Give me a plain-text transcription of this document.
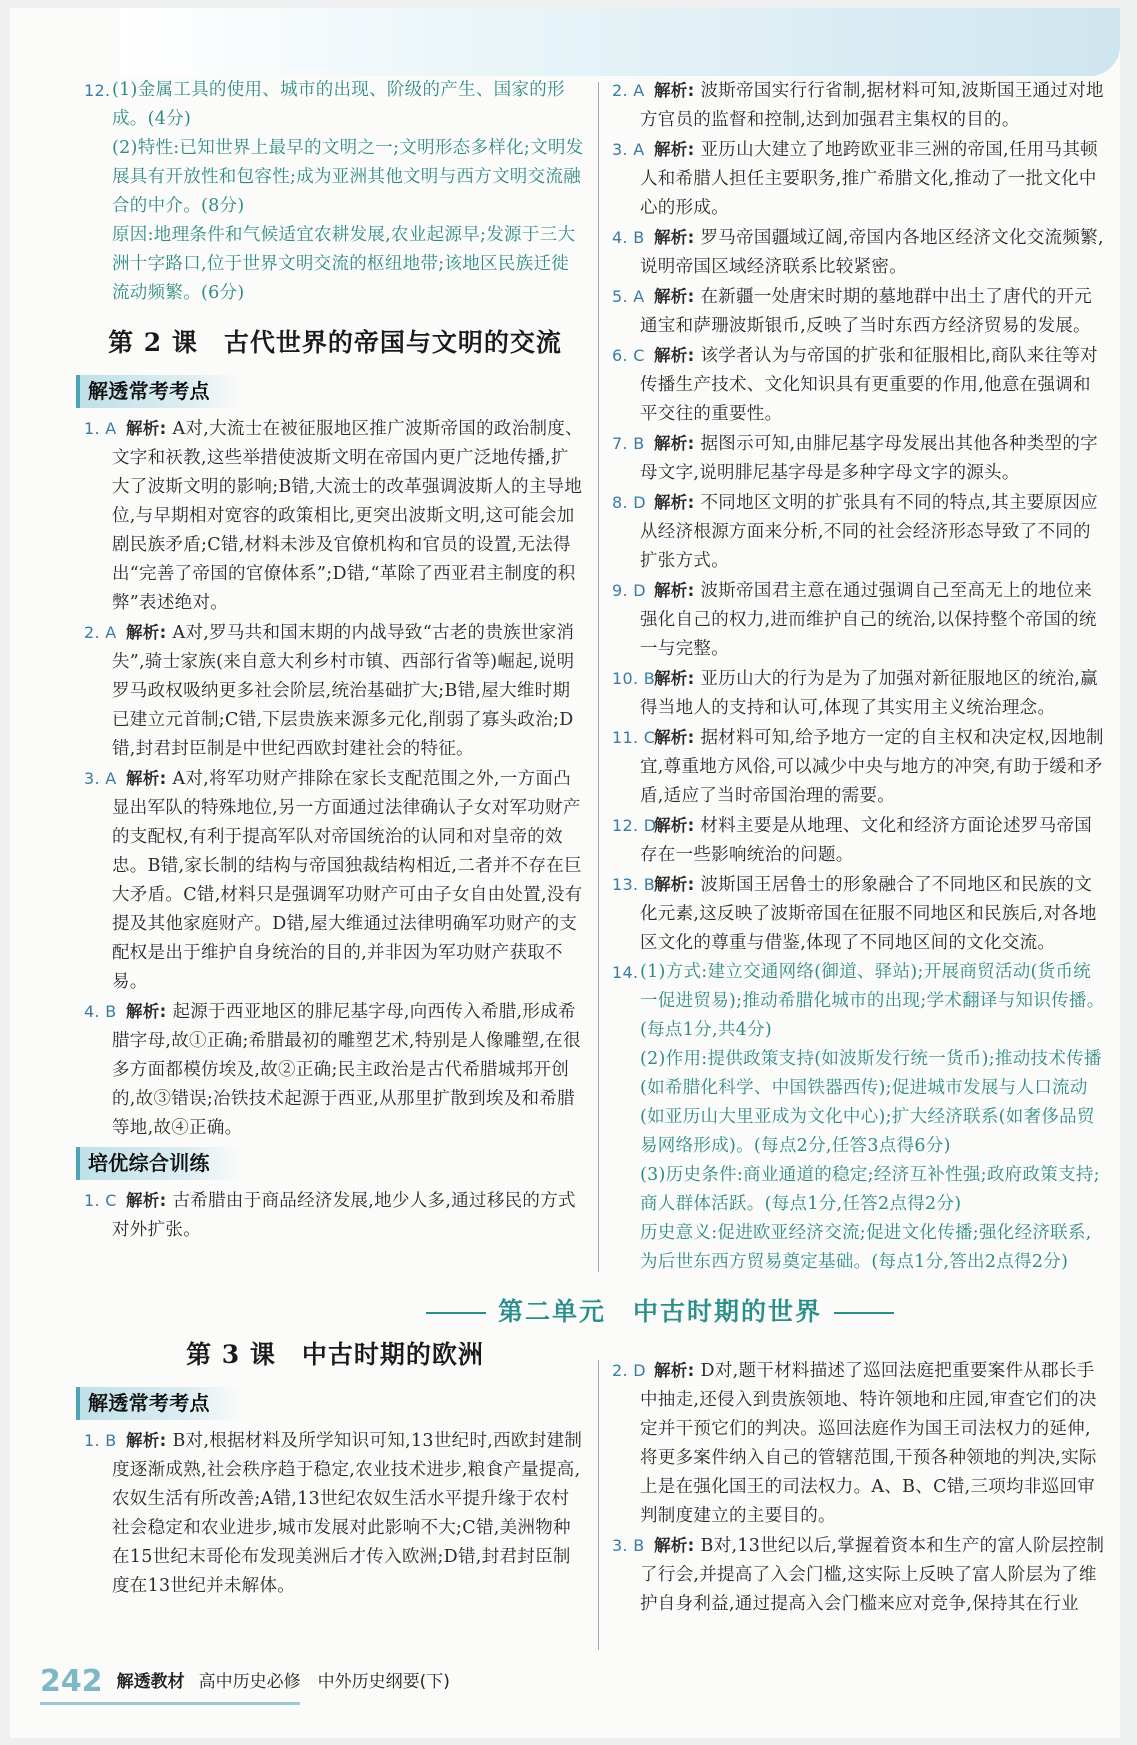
12. (1)金属工具的使用、城市的出现、阶级的产生、国家的形成。(4分)
(2)特性:已知世界上最早的文明之一;文明形态多样化;文明发展具有开放性和包容性;成为亚洲其他文明与西方文明交流融合的中介。(8分)
原因:地理条件和气候适宜农耕发展,农业起源早;发源于三大洲十字路口,位于世界文明交流的枢纽地带;该地区民族迁徙流动频繁。(6分)
第 2 课　古代世界的帝国与文明的交流
解透常考考点
1. A 解析: A对,大流士在被征服地区推广波斯帝国的政治制度、文字和祆教,这些举措使波斯文明在帝国内更广泛地传播,扩大了波斯文明的影响;B错,大流士的改革强调波斯人的主导地位,与早期相对宽容的政策相比,更突出波斯文明,这可能会加剧民族矛盾;C错,材料未涉及官僚机构和官员的设置,无法得出“完善了帝国的官僚体系”;D错,“革除了西亚君主制度的积弊”表述绝对。
2. A 解析: A对,罗马共和国末期的内战导致“古老的贵族世家消失”,骑士家族(来自意大利乡村市镇、西部行省等)崛起,说明罗马政权吸纳更多社会阶层,统治基础扩大;B错,屋大维时期已建立元首制;C错,下层贵族来源多元化,削弱了寡头政治;D错,封君封臣制是中世纪西欧封建社会的特征。
3. A 解析: A对,将军功财产排除在家长支配范围之外,一方面凸显出军队的特殊地位,另一方面通过法律确认子女对军功财产的支配权,有利于提高军队对帝国统治的认同和对皇帝的效忠。B错,家长制的结构与帝国独裁结构相近,二者并不存在巨大矛盾。C错,材料只是强调军功财产可由子女自由处置,没有提及其他家庭财产。D错,屋大维通过法律明确军功财产的支配权是出于维护自身统治的目的,并非因为军功财产获取不易。
4. B 解析: 起源于西亚地区的腓尼基字母,向西传入希腊,形成希腊字母,故①正确;希腊最初的雕塑艺术,特别是人像雕塑,在很多方面都模仿埃及,故②正确;民主政治是古代希腊城邦开创的,故③错误;冶铁技术起源于西亚,从那里扩散到埃及和希腊等地,故④正确。
培优综合训练
1. C 解析: 古希腊由于商品经济发展,地少人多,通过移民的方式对外扩张。
2. A 解析: 波斯帝国实行行省制,据材料可知,波斯国王通过对地方官员的监督和控制,达到加强君主集权的目的。
3. A 解析: 亚历山大建立了地跨欧亚非三洲的帝国,任用马其顿人和希腊人担任主要职务,推广希腊文化,推动了一批文化中心的形成。
4. B 解析: 罗马帝国疆域辽阔,帝国内各地区经济文化交流频繁,说明帝国区域经济联系比较紧密。
5. A 解析: 在新疆一处唐宋时期的墓地群中出土了唐代的开元通宝和萨珊波斯银币,反映了当时东西方经济贸易的发展。
6. C 解析: 该学者认为与帝国的扩张和征服相比,商队来往等对传播生产技术、文化知识具有更重要的作用,他意在强调和平交往的重要性。
7. B 解析: 据图示可知,由腓尼基字母发展出其他各种类型的字母文字,说明腓尼基字母是多种字母文字的源头。
8. D 解析: 不同地区文明的扩张具有不同的特点,其主要原因应从经济根源方面来分析,不同的社会经济形态导致了不同的扩张方式。
9. D 解析: 波斯帝国君主意在通过强调自己至高无上的地位来强化自己的权力,进而维护自己的统治,以保持整个帝国的统一与完整。
10. B
解析: 亚历山大的行为是为了加强对新征服地区的统治,赢得当地人的支持和认可,体现了其实用主义统治理念。
11. C
解析: 据材料可知,给予地方一定的自主权和决定权,因地制宜,尊重地方风俗,可以减少中央与地方的冲突,有助于缓和矛盾,适应了当时帝国治理的需要。
12. D
解析: 材料主要是从地理、文化和经济方面论述罗马帝国存在一些影响统治的问题。
13. B
解析: 波斯国王居鲁士的形象融合了不同地区和民族的文化元素,这反映了波斯帝国在征服不同地区和民族后,对各地区文化的尊重与借鉴,体现了不同地区间的文化交流。
14. (1)方式:建立交通网络(御道、驿站);开展商贸活动(货币统一促进贸易);推动希腊化城市的出现;学术翻译与知识传播。(每点1分,共4分)
(2)作用:提供政策支持(如波斯发行统一货币);推动技术传播(如希腊化科学、中国铁器西传);促进城市发展与人口流动(如亚历山大里亚成为文化中心);扩大经济联系(如奢侈品贸易网络形成)。(每点2分,任答3点得6分)
(3)历史条件:商业通道的稳定;经济互补性强;政府政策支持;商人群体活跃。(每点1分,任答2点得2分)
历史意义:促进欧亚经济交流;促进文化传播;强化经济联系,为后世东西方贸易奠定基础。(每点1分,答出2点得2分)
第二单元　中古时期的世界
第 3 课　中古时期的欧洲
解透常考考点
1. B 解析: B对,根据材料及所学知识可知,13世纪时,西欧封建制度逐渐成熟,社会秩序趋于稳定,农业技术进步,粮食产量提高,农奴生活有所改善;A错,13世纪农奴生活水平提升缘于农村社会稳定和农业进步,城市发展对此影响不大;C错,美洲物种在15世纪末哥伦布发现美洲后才传入欧洲;D错,封君封臣制度在13世纪并未解体。
2. D 解析: D对,题干材料描述了巡回法庭把重要案件从郡长手中抽走,还侵入到贵族领地、特许领地和庄园,审查它们的决定并干预它们的判决。巡回法庭作为国王司法权力的延伸,将更多案件纳入自己的管辖范围,干预各种领地的判决,实际上是在强化国王的司法权力。A、B、C错,三项均非巡回审判制度建立的主要目的。
3. B 解析: B对,13世纪以后,掌握着资本和生产的富人阶层控制了行会,并提高了入会门槛,这实际上反映了富人阶层为了维护自身利益,通过提高入会门槛来应对竞争,保持其在行业
242 解透教材 高中历史必修　中外历史纲要(下)
